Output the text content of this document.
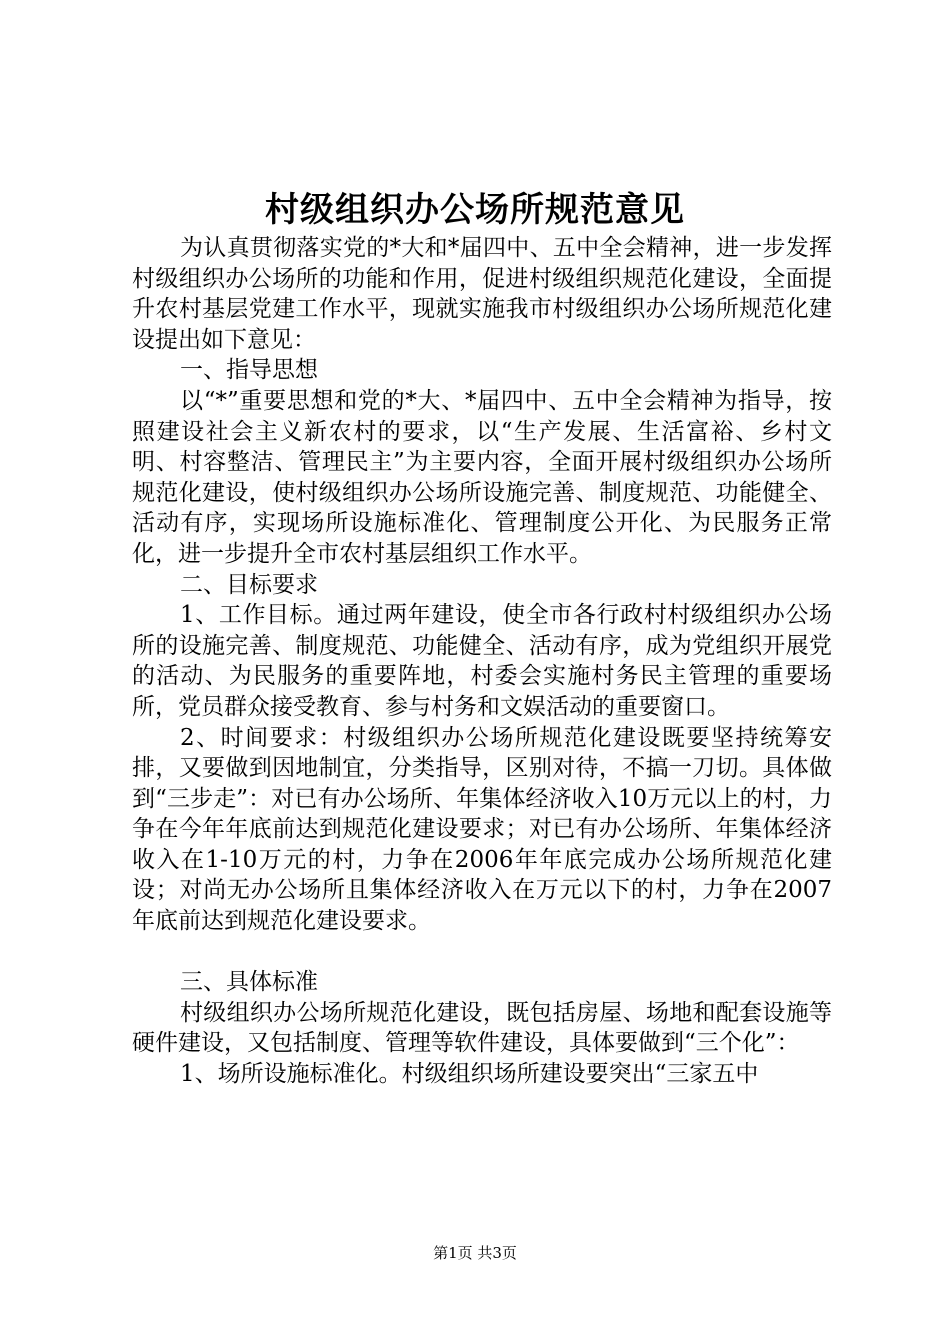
村级组织办公场所规范意见

为认真贯彻落实党的*大和*届四中、五中全会精神，进一步发挥村级组织办公场所的功能和作用，促进村级组织规范化建设，全面提升农村基层党建工作水平，现就实施我市村级组织办公场所规范化建设提出如下意见：

一、指导思想

以“*”重要思想和党的*大、*届四中、五中全会精神为指导，按照建设社会主义新农村的要求，以“生产发展、生活富裕、乡村文明、村容整洁、管理民主”为主要内容，全面开展村级组织办公场所规范化建设，使村级组织办公场所设施完善、制度规范、功能健全、活动有序，实现场所设施标准化、管理制度公开化、为民服务正常化，进一步提升全市农村基层组织工作水平。

二、目标要求

1、工作目标。通过两年建设，使全市各行政村村级组织办公场所的设施完善、制度规范、功能健全、活动有序，成为党组织开展党的活动、为民服务的重要阵地，村委会实施村务民主管理的重要场所，党员群众接受教育、参与村务和文娱活动的重要窗口。

2、时间要求：村级组织办公场所规范化建设既要坚持统筹安排，又要做到因地制宜，分类指导，区别对待，不搞一刀切。具体做到“三步走”：对已有办公场所、年集体经济收入10万元以上的村，力争在今年年底前达到规范化建设要求；对已有办公场所、年集体经济收入在1-10万元的村，力争在2006年年底完成办公场所规范化建设；对尚无办公场所且集体经济收入在万元以下的村，力争在2007年底前达到规范化建设要求。

三、具体标准

村级组织办公场所规范化建设，既包括房屋、场地和配套设施等硬件建设，又包括制度、管理等软件建设，具体要做到“三个化”：

1、场所设施标准化。村级组织场所建设要突出“三家五中

第1页 共3页
